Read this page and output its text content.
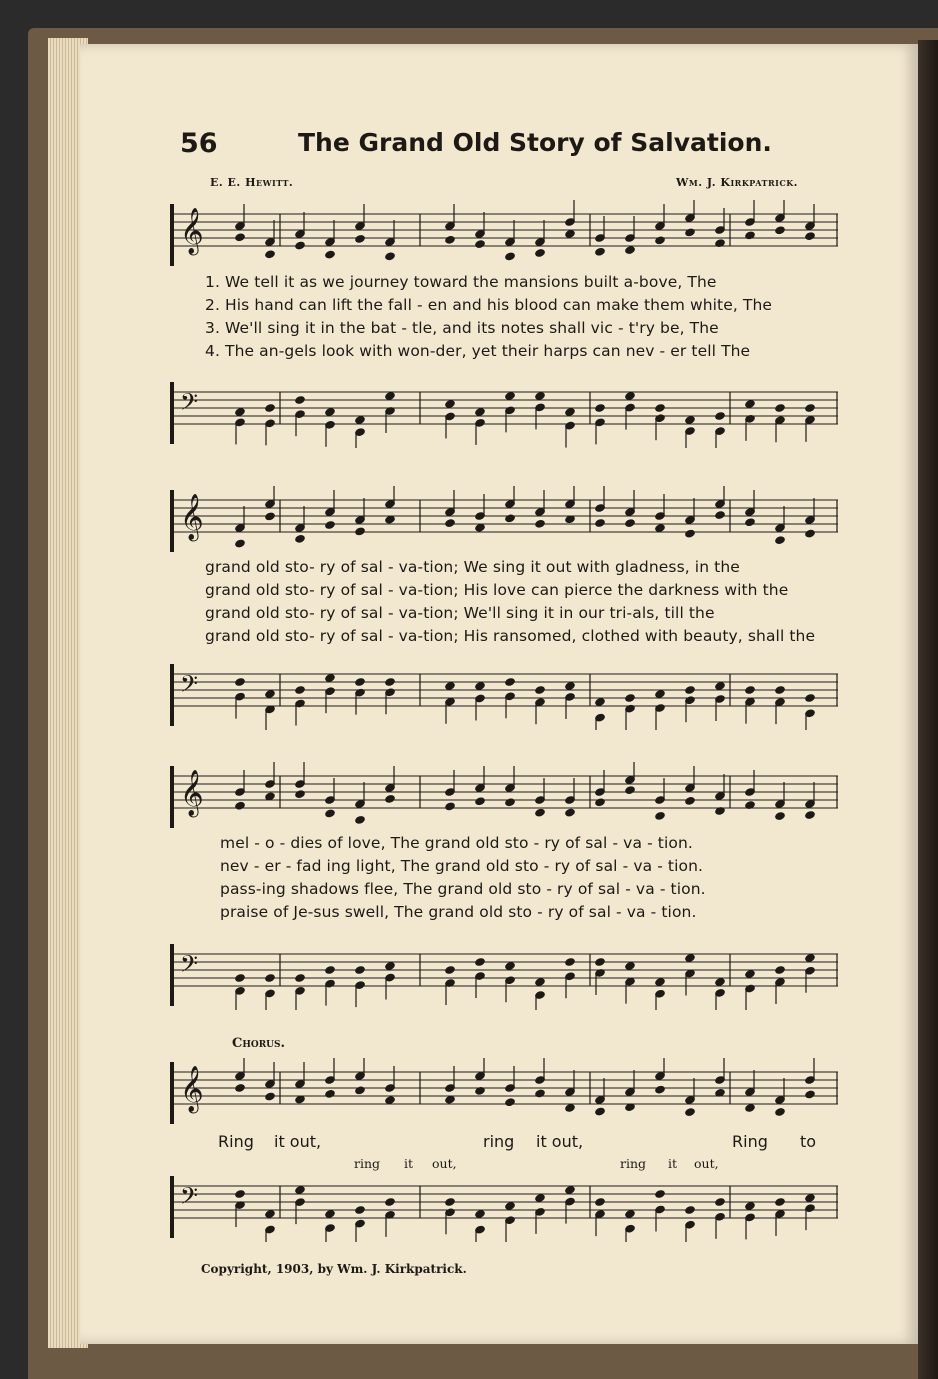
56	The Grand Old Story of Salvation.
E. E. Hewitt.	Wm. J. Kirkpatrick.
𝄞
1. We tell it as we journey toward the mansions built a-bove, The
2. His hand can lift the fall - en and his blood can make them white, The
3. We'll sing it in the bat - tle, and its notes shall vic - t'ry be, The
4. The an-gels look with won-der, yet their harps can nev - er tell The
𝄢
𝄞
grand old sto- ry of sal - va-tion; We sing it out with gladness, in the
grand old sto- ry of sal - va-tion; His love can pierce the darkness with the
grand old sto- ry of sal - va-tion; We'll sing it in our tri-als, till the
grand old sto- ry of sal - va-tion; His ransomed, clothed with beauty, shall the
𝄢
𝄞
mel - o - dies of love, The grand old sto - ry of sal - va - tion.
nev - er - fad ing light, The grand old sto - ry of sal - va - tion.
pass-ing shadows flee, The grand old sto - ry of sal - va - tion.
praise of Je-sus swell, The grand old sto - ry of sal - va - tion.
𝄢
Chorus.
𝄞
Ring it out,	ring it out,	Ring to
ring it out,	ring it out,
𝄢
Copyright, 1903, by Wm. J. Kirkpatrick.
